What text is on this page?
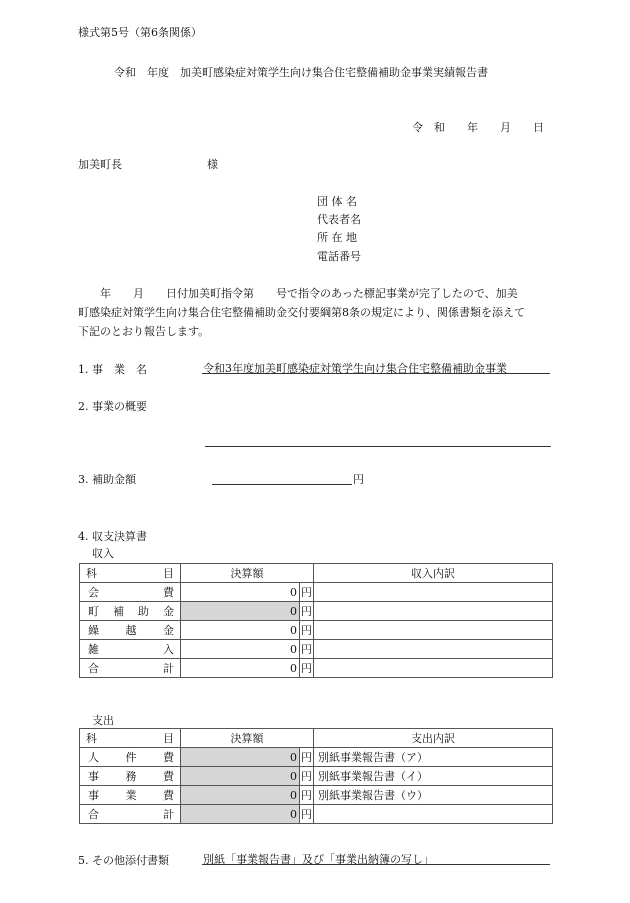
様式第5号（第6条関係）
令和　年度　加美町感染症対策学生向け集合住宅整備補助金事業実績報告書
令　和　　年　　月　　日
加美町長	様
団 体 名
代表者名
所 在 地
電話番号
　　年　　月　　日付加美町指令第　　号で指令のあった標記事業が完了したので、加美
町感染症対策学生向け集合住宅整備補助金交付要綱第8条の規定により、関係書類を添えて
下記のとおり報告します。
1. 事　業　名	令和3年度加美町感染症対策学生向け集合住宅整備補助金事業
2. 事業の概要
3. 補助金額	円
4. 収支決算書
収入
科　　　目	決算額		収入内訳
会費	0	円	
町補助金	0	円	
繰越金	0	円	
雑入	0	円	
合計	0	円	
支出
科　　　目	決算額		支出内訳
人件費	0	円	別紙事業報告書（ア）
事務費	0	円	別紙事業報告書（イ）
事業費	0	円	別紙事業報告書（ウ）
合計	0	円	
5. その他添付書類	別紙「事業報告書」及び「事業出納簿の写し」
